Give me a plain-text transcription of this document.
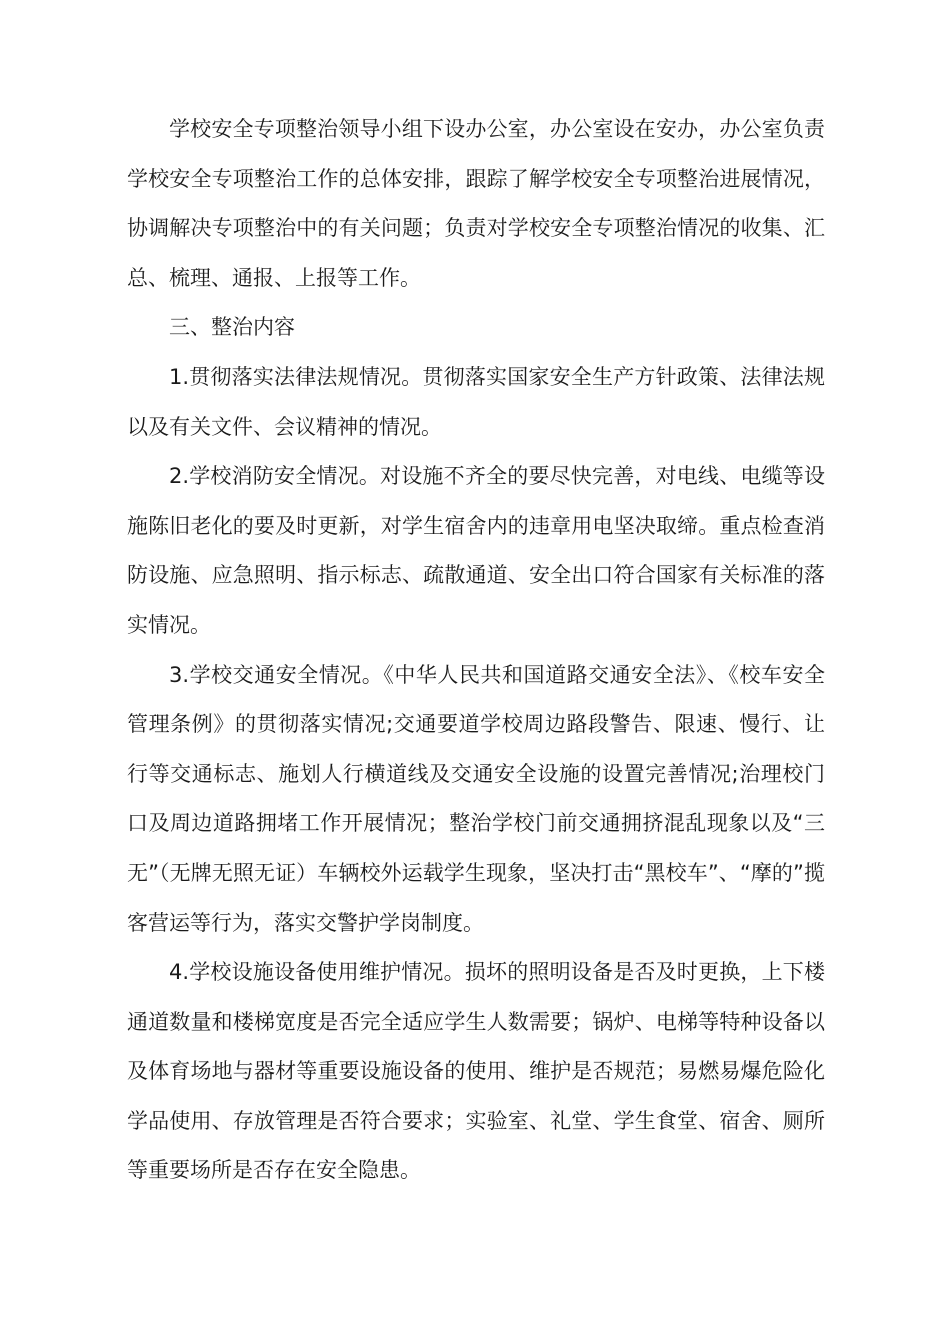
学校安全专项整治领导小组下设办公室，办公室设在安办，办公室负责学校安全专项整治工作的总体安排，跟踪了解学校安全专项整治进展情况，协调解决专项整治中的有关问题；负责对学校安全专项整治情况的收集、汇总、梳理、通报、上报等工作。

三、整治内容

1.贯彻落实法律法规情况。贯彻落实国家安全生产方针政策、法律法规以及有关文件、会议精神的情况。

2.学校消防安全情况。对设施不齐全的要尽快完善，对电线、电缆等设施陈旧老化的要及时更新，对学生宿舍内的违章用电坚决取缔。重点检查消防设施、应急照明、指示标志、疏散通道、安全出口符合国家有关标准的落实情况。

3.学校交通安全情况。《中华人民共和国道路交通安全法》、《校车安全管理条例》的贯彻落实情况;交通要道学校周边路段警告、限速、慢行、让行等交通标志、施划人行横道线及交通安全设施的设置完善情况;治理校门口及周边道路拥堵工作开展情况；整治学校门前交通拥挤混乱现象以及“三无”（无牌无照无证）车辆校外运载学生现象，坚决打击“黑校车”、“摩的”揽客营运等行为，落实交警护学岗制度。

4.学校设施设备使用维护情况。损坏的照明设备是否及时更换，上下楼通道数量和楼梯宽度是否完全适应学生人数需要；锅炉、电梯等特种设备以及体育场地与器材等重要设施设备的使用、维护是否规范；易燃易爆危险化学品使用、存放管理是否符合要求；实验室、礼堂、学生食堂、宿舍、厕所等重要场所是否存在安全隐患。
